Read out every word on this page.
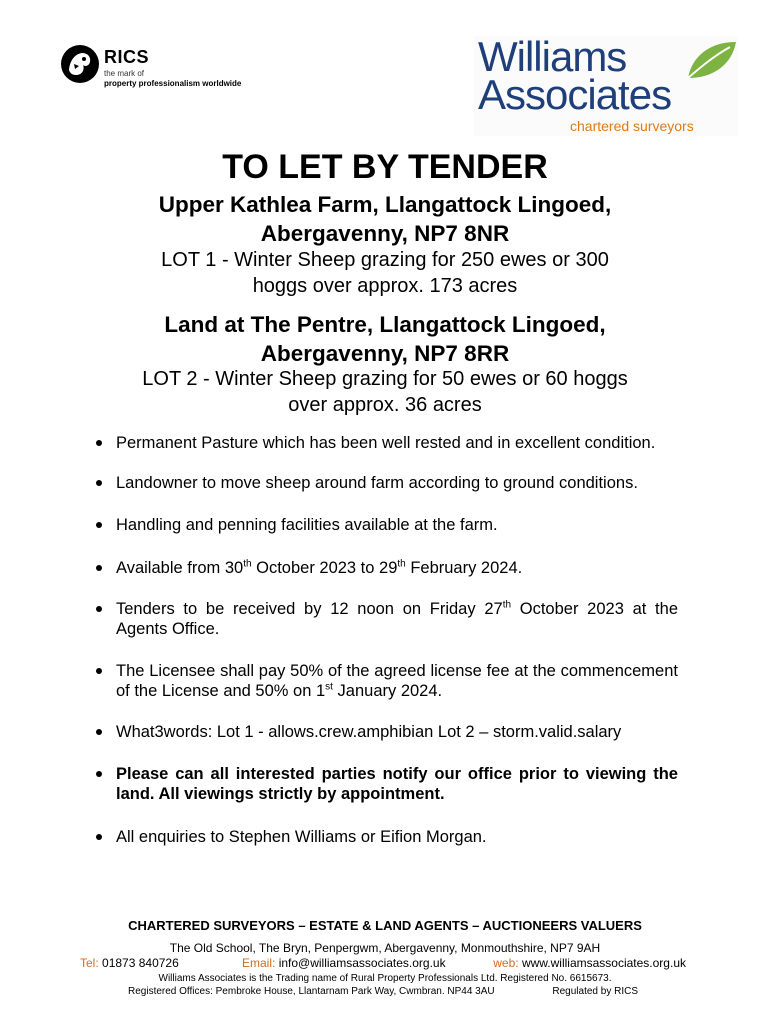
RICS
the mark of
property professionalism worldwide
Williams
Associates
chartered surveyors
TO LET BY TENDER
Upper Kathlea Farm, Llangattock Lingoed,
Abergavenny, NP7 8NR
LOT 1 - Winter Sheep grazing for 250 ewes or 300
hoggs over approx. 173 acres
Land at The Pentre, Llangattock Lingoed,
Abergavenny, NP7 8RR
LOT 2 - Winter Sheep grazing for 50 ewes or 60 hoggs
over approx. 36 acres
Permanent Pasture which has been well rested and in excellent condition.
Landowner to move sheep around farm according to ground conditions.
Handling and penning facilities available at the farm.
Available from 30th October 2023 to 29th February 2024.
Tenders to be received by 12 noon on Friday 27th October 2023 at the Agents Office.
The Licensee shall pay 50% of the agreed license fee at the commencement of the License and 50% on 1st January 2024.
What3words: Lot 1 - allows.crew.amphibian Lot 2 – storm.valid.salary
Please can all interested parties notify our office prior to viewing the land. All viewings strictly by appointment.
All enquiries to Stephen Williams or Eifion Morgan.
CHARTERED SURVEYORS – ESTATE & LAND AGENTS – AUCTIONEERS VALUERS
The Old School, The Bryn, Penpergwm, Abergavenny, Monmouthshire, NP7 9AH
Tel: 01873 840726	Email: info@williamsassociates.org.uk	web: www.williamsassociates.org.uk
Williams Associates is the Trading name of Rural Property Professionals Ltd. Registered No. 6615673.
Registered Offices: Pembroke House, Llantarnam Park Way, Cwmbran. NP44 3AU	Regulated by RICS
